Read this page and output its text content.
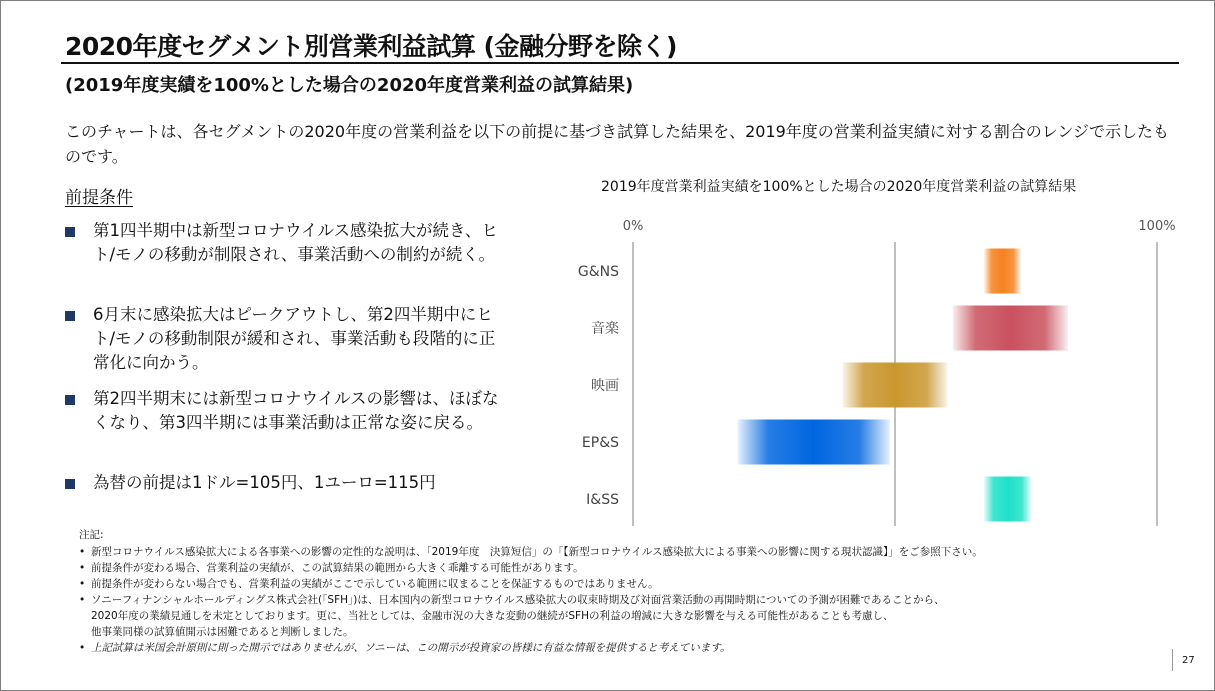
2020年度セグメント別営業利益試算 (金融分野を除く)
(2019年度実績を100%とした場合の2020年度営業利益の試算結果)
このチャートは、各セグメントの2020年度の営業利益を以下の前提に基づき試算した結果を、2019年度の営業利益実績に対する割合のレンジで示したものです。
前提条件
第1四半期中は新型コロナウイルス感染拡大が続き、ヒト/モノの移動が制限され、事業活動への制約が続く。
6月末に感染拡大はピークアウトし、第2四半期中にヒト/モノの移動制限が緩和され、事業活動も段階的に正常化に向かう。
第2四半期末には新型コロナウイルスの影響は、ほぼなくなり、第3四半期には事業活動は正常な姿に戻る。
為替の前提は1ドル=105円、1ユーロ=115円
2019年度営業利益実績を100%とした場合の2020年度営業利益の試算結果
0%	100%
G&NS
音楽
映画
EP&S
I&SS
注記:
• 新型コロナウイルス感染拡大による各事業への影響の定性的な説明は、「2019年度　決算短信」の「【新型コロナウイルス感染拡大による事業への影響に関する現状認識】」をご参照下さい。
• 前提条件が変わる場合、営業利益の実績が、この試算結果の範囲から大きく乖離する可能性があります。
• 前提条件が変わらない場合でも、営業利益の実績がここで示している範囲に収まることを保証するものではありません。
• ソニーフィナンシャルホールディングス株式会社(「SFH」)は、日本国内の新型コロナウイルス感染拡大の収束時期及び対面営業活動の再開時期についての予測が困難であることから、
2020年度の業績見通しを未定としております。更に、当社としては、金融市況の大きな変動の継続がSFHの利益の増減に大きな影響を与える可能性があることも考慮し、
他事業同様の試算値開示は困難であると判断しました。
• 上記試算は米国会計原則に則った開示ではありませんが、ソニーは、この開示が投資家の皆様に有益な情報を提供すると考えています。
27
